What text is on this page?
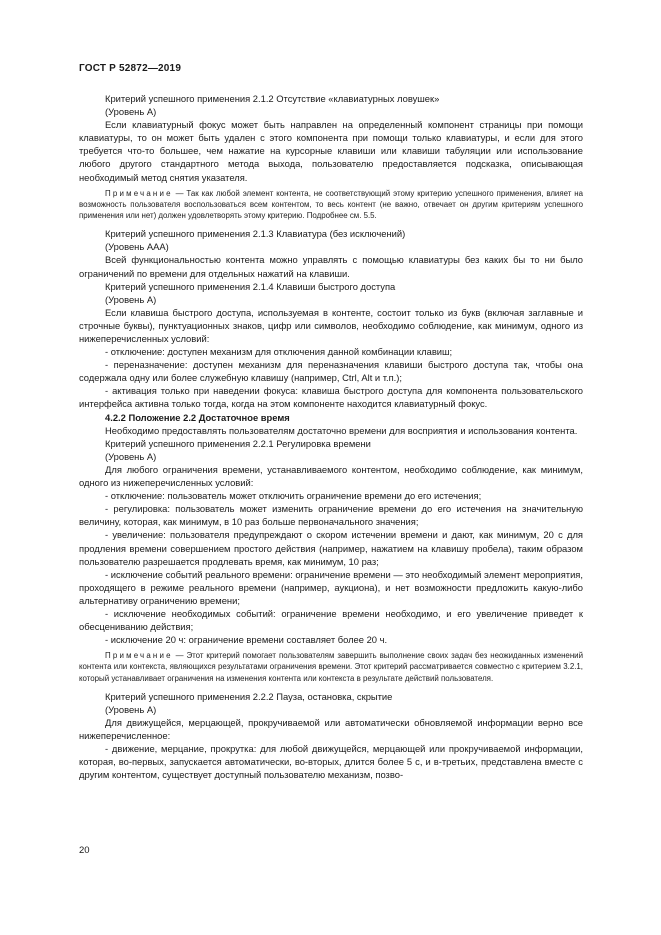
ГОСТ Р 52872—2019

Критерий успешного применения 2.1.2 Отсутствие «клавиатурных ловушек»

(Уровень А)

Если клавиатурный фокус может быть направлен на определенный компонент страницы при помощи клавиатуры, то он может быть удален с этого компонента при помощи только клавиатуры, и если для этого требуется что-то большее, чем нажатие на курсорные клавиши или клавиши табуляции или использование любого другого стандартного метода выхода, пользователю предоставляется подсказка, описывающая необходимый метод снятия указателя.

Примечание — Так как любой элемент контента, не соответствующий этому критерию успешного применения, влияет на возможность пользователя воспользоваться всем контентом, то весь контент (не важно, отвечает он другим критериям успешного применения или нет) должен удовлетворять этому критерию. Подробнее см. 5.5.

Критерий успешного применения 2.1.3 Клавиатура (без исключений)

(Уровень ААА)

Всей функциональностью контента можно управлять с помощью клавиатуры без каких бы то ни было ограничений по времени для отдельных нажатий на клавиши.

Критерий успешного применения 2.1.4 Клавиши быстрого доступа

(Уровень А)

Если клавиша быстрого доступа, используемая в контенте, состоит только из букв (включая заглавные и строчные буквы), пунктуационных знаков, цифр или символов, необходимо соблюдение, как минимум, одного из нижеперечисленных условий:

- отключение: доступен механизм для отключения данной комбинации клавиш;

- переназначение: доступен механизм для переназначения клавиши быстрого доступа так, чтобы она содержала одну или более служебную клавишу (например, Ctrl, Alt и т.п.);

- активация только при наведении фокуса: клавиша быстрого доступа для компонента пользовательского интерфейса активна только тогда, когда на этом компоненте находится клавиатурный фокус.

4.2.2 Положение 2.2 Достаточное время

Необходимо предоставлять пользователям достаточно времени для восприятия и использования контента.

Критерий успешного применения 2.2.1 Регулировка времени

(Уровень А)

Для любого ограничения времени, устанавливаемого контентом, необходимо соблюдение, как минимум, одного из нижеперечисленных условий:

- отключение: пользователь может отключить ограничение времени до его истечения;

- регулировка: пользователь может изменить ограничение времени до его истечения на значительную величину, которая, как минимум, в 10 раз больше первоначального значения;

- увеличение: пользователя предупреждают о скором истечении времени и дают, как минимум, 20 с для продления времени совершением простого действия (например, нажатием на клавишу пробела), таким образом пользователю разрешается продлевать время, как минимум, 10 раз;

- исключение событий реального времени: ограничение времени — это необходимый элемент мероприятия, проходящего в режиме реального времени (например, аукциона), и нет возможности предложить какую-либо альтернативу ограничению времени;

- исключение необходимых событий: ограничение времени необходимо, и его увеличение приведет к обесцениванию действия;

- исключение 20 ч: ограничение времени составляет более 20 ч.

Примечание — Этот критерий помогает пользователям завершить выполнение своих задач без неожиданных изменений контента или контекста, являющихся результатами ограничения времени. Этот критерий рассматривается совместно с критерием 3.2.1, который устанавливает ограничения на изменения контента или контекста в результате действий пользователя.

Критерий успешного применения 2.2.2 Пауза, остановка, скрытие

(Уровень А)

Для движущейся, мерцающей, прокручиваемой или автоматически обновляемой информации верно все нижеперечисленное:

- движение, мерцание, прокрутка: для любой движущейся, мерцающей или прокручиваемой информации, которая, во-первых, запускается автоматически, во-вторых, длится более 5 с, и в-третьих, представлена вместе с другим контентом, существует доступный пользователю механизм, позво-

20
